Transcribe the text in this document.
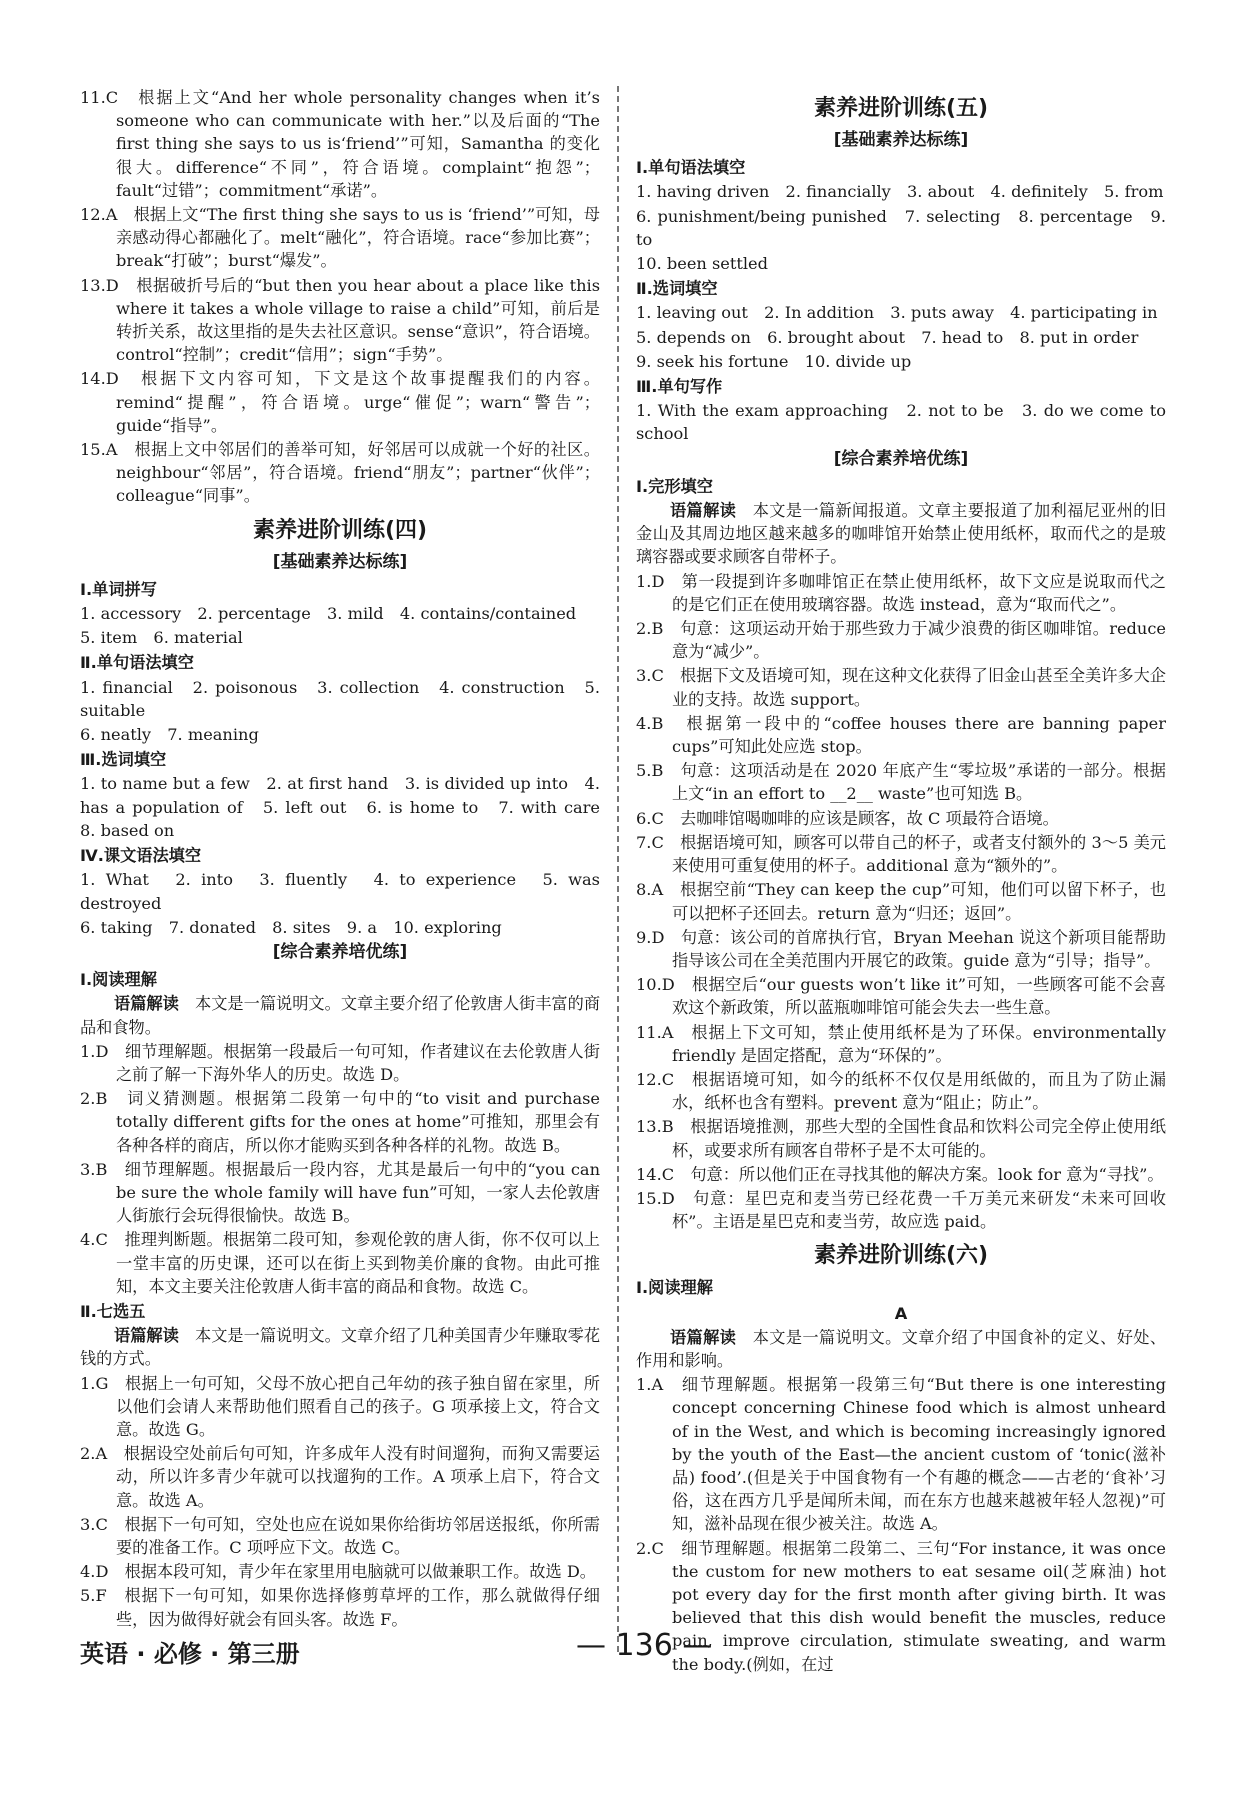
11.C　根据上文“And her whole personality changes when it’s someone who can communicate with her.”以及后面的“The first thing she says to us is‘friend’”可知，Samantha 的变化很大。difference“不同”，符合语境。complaint“抱怨”；fault“过错”；commitment“承诺”。
12.A　根据上文“The first thing she says to us is ‘friend’”可知，母亲感动得心都融化了。melt“融化”，符合语境。race“参加比赛”；break“打破”；burst“爆发”。
13.D　根据破折号后的“but then you hear about a place like this where it takes a whole village to raise a child”可知，前后是转折关系，故这里指的是失去社区意识。sense“意识”，符合语境。control“控制”；credit“信用”；sign“手势”。
14.D　根据下文内容可知，下文是这个故事提醒我们的内容。remind“提醒”，符合语境。urge“催促”；warn“警告”；guide“指导”。
15.A　根据上文中邻居们的善举可知，好邻居可以成就一个好的社区。neighbour“邻居”，符合语境。friend“朋友”；partner“伙伴”；colleague“同事”。
素养进阶训练(四)
[基础素养达标练]
Ⅰ.单词拼写
1. accessory　2. percentage　3. mild　4. contains/contained
5. item　6. material
Ⅱ.单句语法填空
1. financial　2. poisonous　3. collection　4. construction　5. suitable
6. neatly　7. meaning
Ⅲ.选词填空
1. to name but a few　2. at first hand　3. is divided up into　4. has a population of　5. left out　6. is home to　7. with care　8. based on
Ⅳ.课文语法填空
1. What　2. into　3. fluently　4. to experience　5. was destroyed
6. taking　7. donated　8. sites　9. a　10. exploring
[综合素养培优练]
Ⅰ.阅读理解
语篇解读　本文是一篇说明文。文章主要介绍了伦敦唐人街丰富的商品和食物。
1.D　细节理解题。根据第一段最后一句可知，作者建议在去伦敦唐人街之前了解一下海外华人的历史。故选 D。
2.B　词义猜测题。根据第二段第一句中的“to visit and purchase totally different gifts for the ones at home”可推知，那里会有各种各样的商店，所以你才能购买到各种各样的礼物。故选 B。
3.B　细节理解题。根据最后一段内容，尤其是最后一句中的“you can be sure the whole family will have fun”可知，一家人去伦敦唐人街旅行会玩得很愉快。故选 B。
4.C　推理判断题。根据第二段可知，参观伦敦的唐人街，你不仅可以上一堂丰富的历史课，还可以在街上买到物美价廉的食物。由此可推知，本文主要关注伦敦唐人街丰富的商品和食物。故选 C。
Ⅱ.七选五
语篇解读　本文是一篇说明文。文章介绍了几种美国青少年赚取零花钱的方式。
1.G　根据上一句可知，父母不放心把自己年幼的孩子独自留在家里，所以他们会请人来帮助他们照看自己的孩子。G 项承接上文，符合文意。故选 G。
2.A　根据设空处前后句可知，许多成年人没有时间遛狗，而狗又需要运动，所以许多青少年就可以找遛狗的工作。A 项承上启下，符合文意。故选 A。
3.C　根据下一句可知，空处也应在说如果你给街坊邻居送报纸，你所需要的准备工作。C 项呼应下文。故选 C。
4.D　根据本段可知，青少年在家里用电脑就可以做兼职工作。故选 D。
5.F　根据下一句可知，如果你选择修剪草坪的工作，那么就做得仔细些，因为做得好就会有回头客。故选 F。
素养进阶训练(五)
[基础素养达标练]
Ⅰ.单句语法填空
1. having driven　2. financially　3. about　4. definitely　5. from
6. punishment/being punished　7. selecting　8. percentage　9. to
10. been settled
Ⅱ.选词填空
1. leaving out　2. In addition　3. puts away　4. participating in
5. depends on　6. brought about　7. head to　8. put in order
9. seek his fortune　10. divide up
Ⅲ.单句写作
1. With the exam approaching　2. not to be　3. do we come to school
[综合素养培优练]
Ⅰ.完形填空
语篇解读　本文是一篇新闻报道。文章主要报道了加利福尼亚州的旧金山及其周边地区越来越多的咖啡馆开始禁止使用纸杯，取而代之的是玻璃容器或要求顾客自带杯子。
1.D　第一段提到许多咖啡馆正在禁止使用纸杯，故下文应是说取而代之的是它们正在使用玻璃容器。故选 instead，意为“取而代之”。
2.B　句意：这项运动开始于那些致力于减少浪费的街区咖啡馆。reduce 意为“减少”。
3.C　根据下文及语境可知，现在这种文化获得了旧金山甚至全美许多大企业的支持。故选 support。
4.B　根据第一段中的“coffee houses there are banning paper cups”可知此处应选 stop。
5.B　句意：这项活动是在 2020 年底产生“零垃圾”承诺的一部分。根据上文“in an effort to __2__ waste”也可知选 B。
6.C　去咖啡馆喝咖啡的应该是顾客，故 C 项最符合语境。
7.C　根据语境可知，顾客可以带自己的杯子，或者支付额外的 3～5 美元来使用可重复使用的杯子。additional 意为“额外的”。
8.A　根据空前“They can keep the cup”可知，他们可以留下杯子，也可以把杯子还回去。return 意为“归还；返回”。
9.D　句意：该公司的首席执行官，Bryan Meehan 说这个新项目能帮助指导该公司在全美范围内开展它的政策。guide 意为“引导；指导”。
10.D　根据空后“our guests won’t like it”可知，一些顾客可能不会喜欢这个新政策，所以蓝瓶咖啡馆可能会失去一些生意。
11.A　根据上下文可知，禁止使用纸杯是为了环保。environmentally friendly 是固定搭配，意为“环保的”。
12.C　根据语境可知，如今的纸杯不仅仅是用纸做的，而且为了防止漏水，纸杯也含有塑料。prevent 意为“阻止；防止”。
13.B　根据语境推测，那些大型的全国性食品和饮料公司完全停止使用纸杯，或要求所有顾客自带杯子是不太可能的。
14.C　句意：所以他们正在寻找其他的解决方案。look for 意为“寻找”。
15.D　句意：星巴克和麦当劳已经花费一千万美元来研发“未来可回收杯”。主语是星巴克和麦当劳，故应选 paid。
素养进阶训练(六)
Ⅰ.阅读理解
A
语篇解读　本文是一篇说明文。文章介绍了中国食补的定义、好处、作用和影响。
1.A　细节理解题。根据第一段第三句“But there is one interesting concept concerning Chinese food which is almost unheard of in the West, and which is becoming increasingly ignored by the youth of the East—the ancient custom of ‘tonic(滋补品) food’.(但是关于中国食物有一个有趣的概念——古老的‘食补’习俗，这在西方几乎是闻所未闻，而在东方也越来越被年轻人忽视)”可知，滋补品现在很少被关注。故选 A。
2.C　细节理解题。根据第二段第二、三句“For instance, it was once the custom for new mothers to eat sesame oil(芝麻油) hot pot every day for the first month after giving birth. It was believed that this dish would benefit the muscles, reduce pain, improve circulation, stimulate sweating, and warm the body.(例如，在过
英语 · 必修 · 第三册	— 136 —
